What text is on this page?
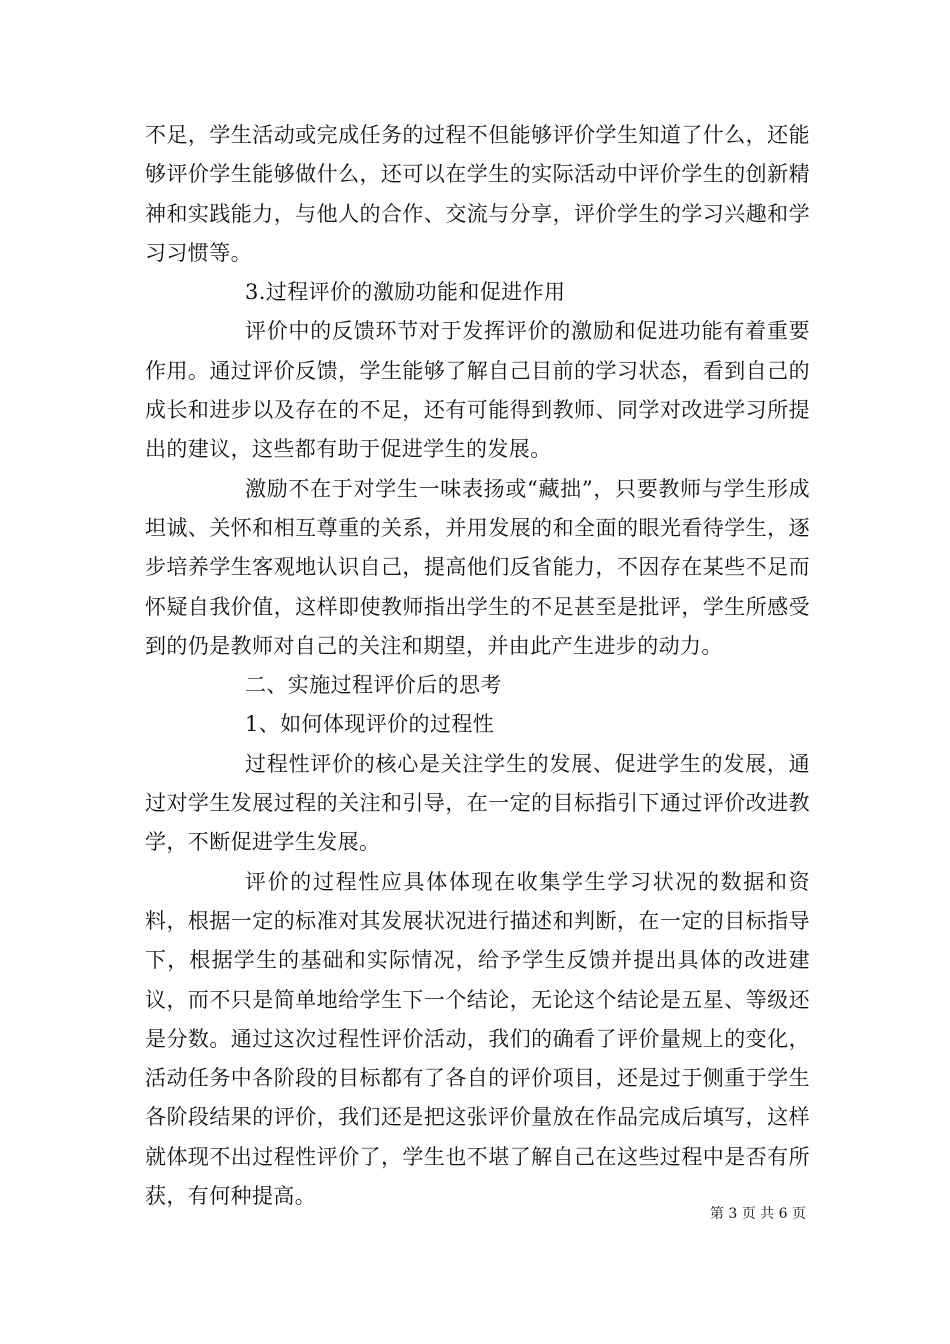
不足，学生活动或完成任务的过程不但能够评价学生知道了什么，还能够评价学生能够做什么，还可以在学生的实际活动中评价学生的创新精神和实践能力，与他人的合作、交流与分享，评价学生的学习兴趣和学习习惯等。

3.过程评价的激励功能和促进作用

评价中的反馈环节对于发挥评价的激励和促进功能有着重要作用。通过评价反馈，学生能够了解自己目前的学习状态，看到自己的成长和进步以及存在的不足，还有可能得到教师、同学对改进学习所提出的建议，这些都有助于促进学生的发展。

激励不在于对学生一味表扬或“藏拙”，只要教师与学生形成坦诚、关怀和相互尊重的关系，并用发展的和全面的眼光看待学生，逐步培养学生客观地认识自己，提高他们反省能力，不因存在某些不足而怀疑自我价值，这样即使教师指出学生的不足甚至是批评，学生所感受到的仍是教师对自己的关注和期望，并由此产生进步的动力。

二、实施过程评价后的思考

1、如何体现评价的过程性

过程性评价的核心是关注学生的发展、促进学生的发展，通过对学生发展过程的关注和引导，在一定的目标指引下通过评价改进教学，不断促进学生发展。

评价的过程性应具体体现在收集学生学习状况的数据和资料，根据一定的标准对其发展状况进行描述和判断，在一定的目标指导下，根据学生的基础和实际情况，给予学生反馈并提出具体的改进建议，而不只是简单地给学生下一个结论，无论这个结论是五星、等级还是分数。通过这次过程性评价活动，我们的确看了评价量规上的变化，活动任务中各阶段的目标都有了各自的评价项目，还是过于侧重于学生各阶段结果的评价，我们还是把这张评价量放在作品完成后填写，这样就体现不出过程性评价了，学生也不堪了解自己在这些过程中是否有所获，有何种提高。

第 3 页 共 6 页
